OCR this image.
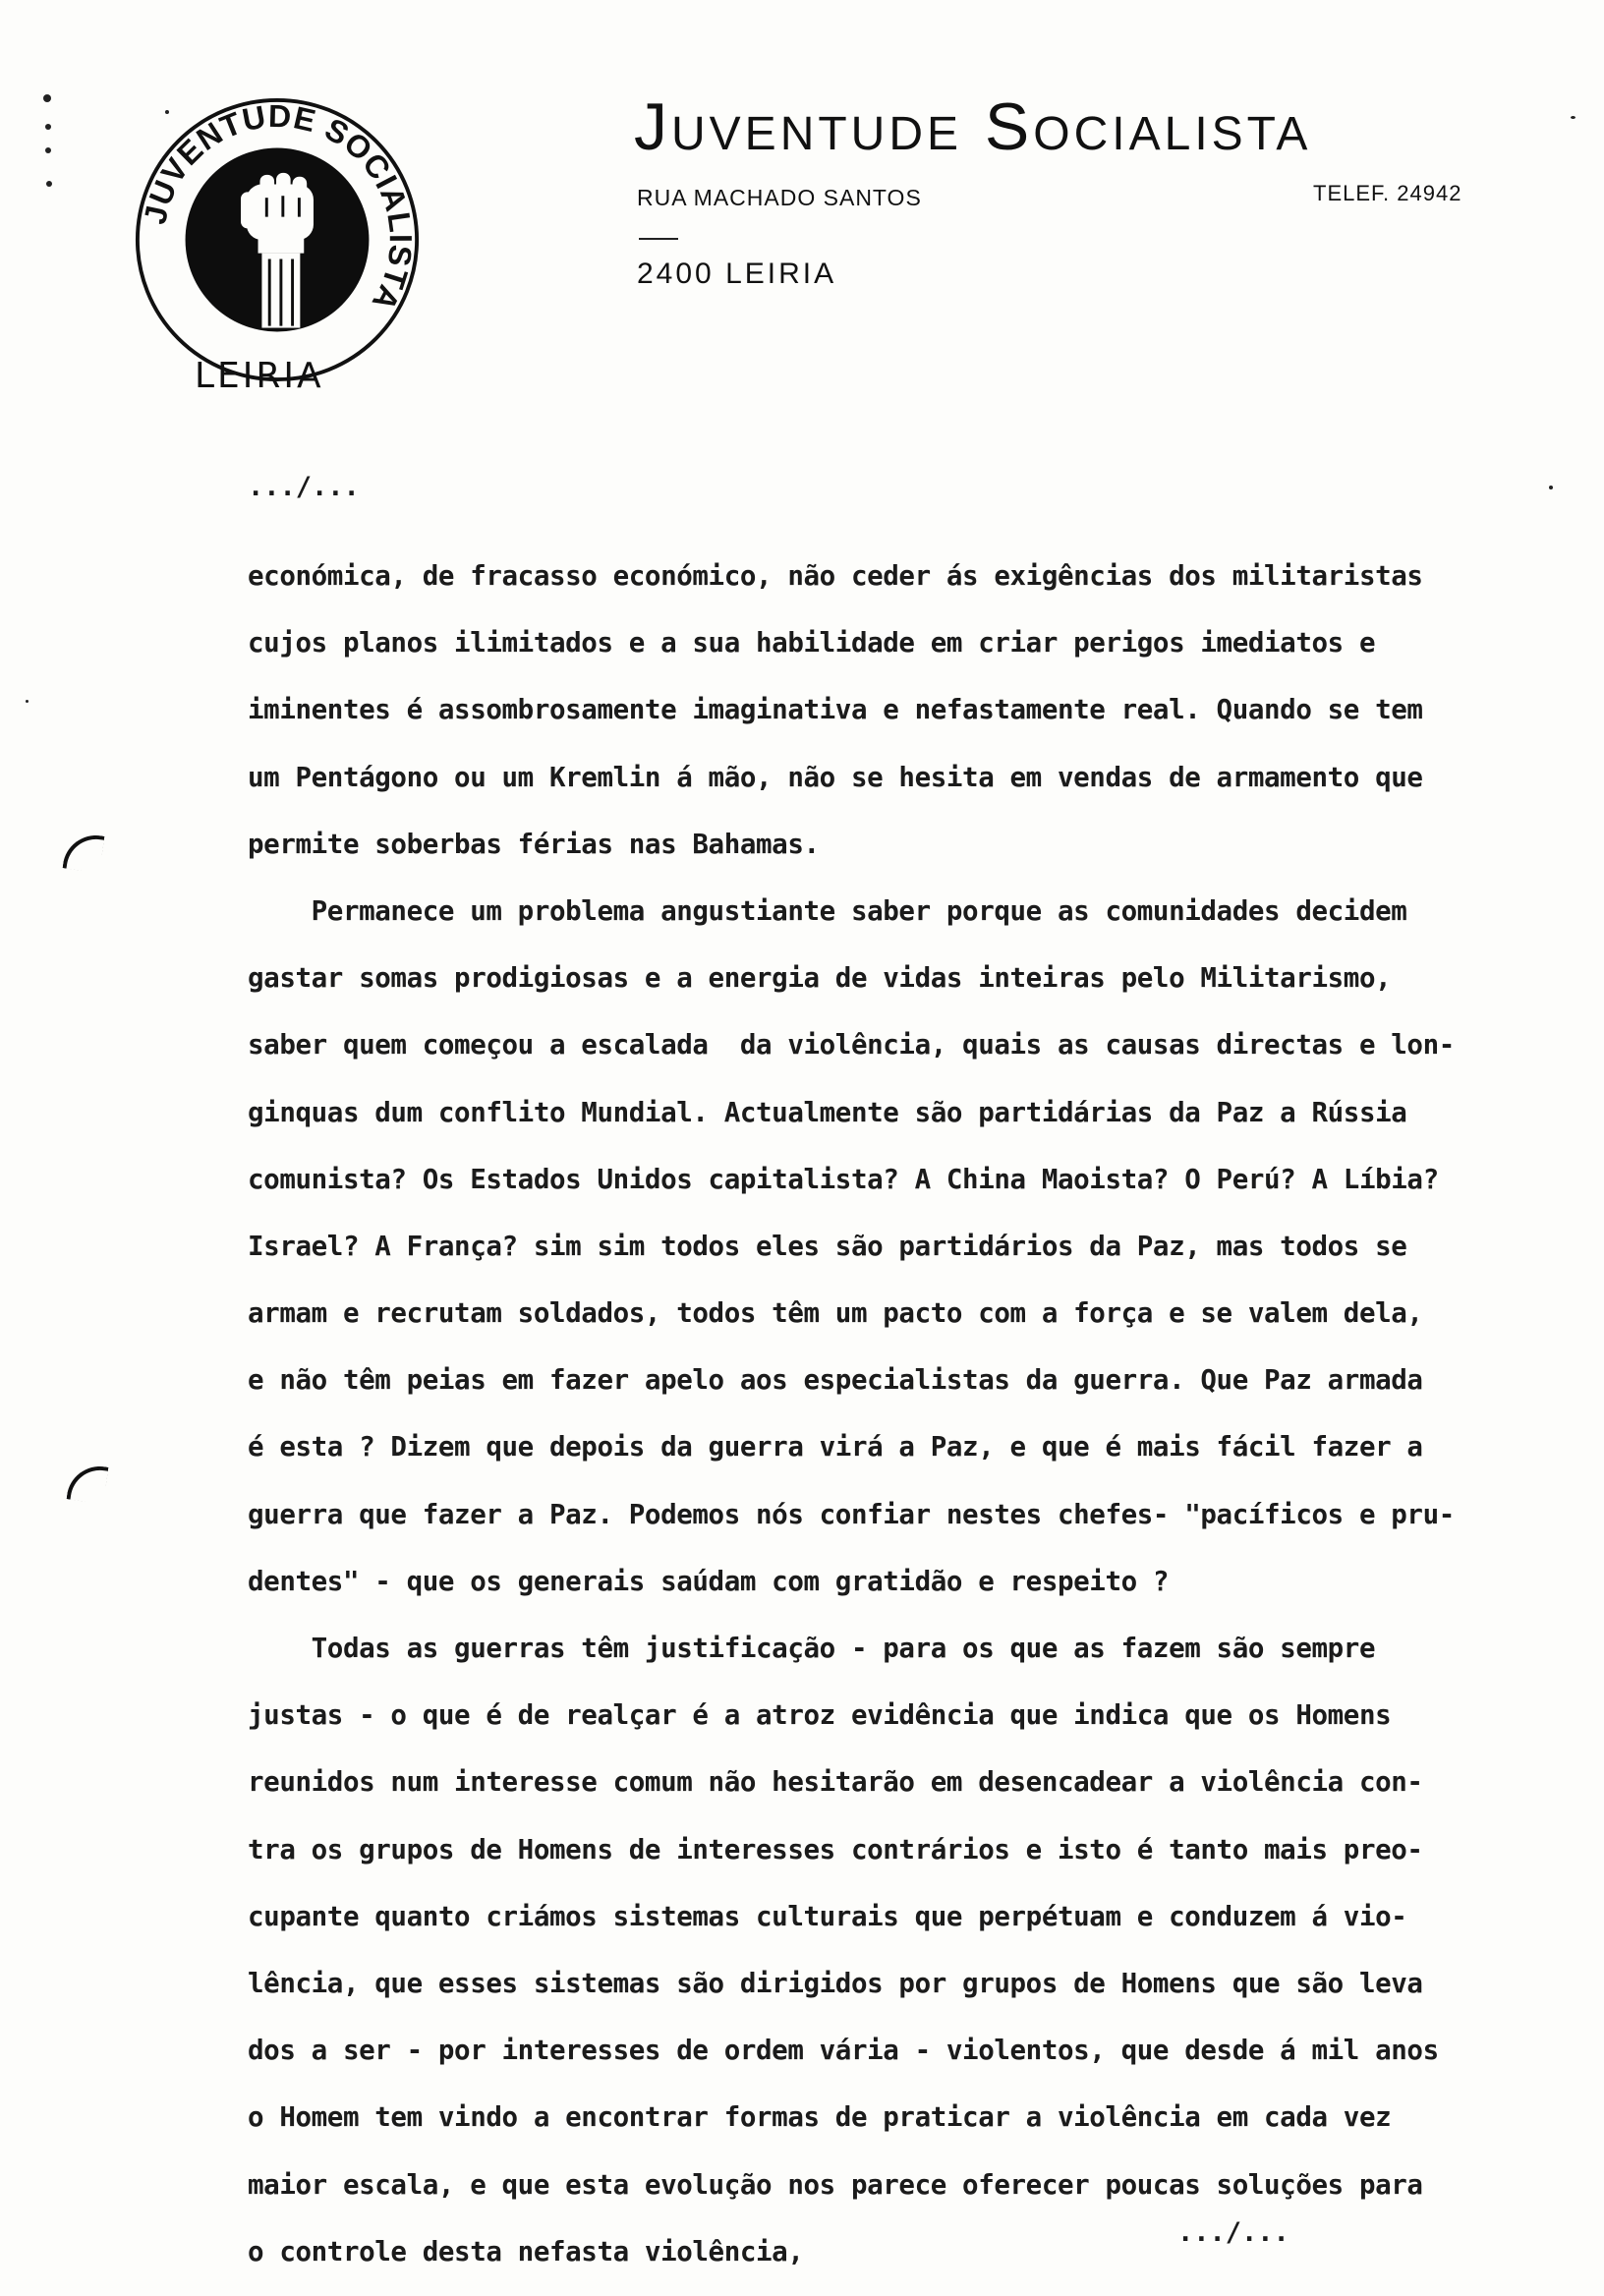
JUVENTUDE SOCIALISTA
LEIRIA
Juventude Socialista
RUA MACHADO SANTOS	TELEF. 24942
2400 LEIRIA
.../...
económica, de fracasso económico, não ceder ás exigências dos militaristas
cujos planos ilimitados e a sua habilidade em criar perigos imediatos e
iminentes é assombrosamente imaginativa e nefastamente real. Quando se tem
um Pentágono ou um Kremlin á mão, não se hesita em vendas de armamento que
permite soberbas férias nas Bahamas.
Permanece um problema angustiante saber porque as comunidades decidem
gastar somas prodigiosas e a energia de vidas inteiras pelo Militarismo,
saber quem começou a escalada  da violência, quais as causas directas e lon-
ginquas dum conflito Mundial. Actualmente são partidárias da Paz a Rússia
comunista? Os Estados Unidos capitalista? A China Maoista? O Perú? A Líbia?
Israel? A França? sim sim todos eles são partidários da Paz, mas todos se
armam e recrutam soldados, todos têm um pacto com a força e se valem dela,
e não têm peias em fazer apelo aos especialistas da guerra. Que Paz armada
é esta ? Dizem que depois da guerra virá a Paz, e que é mais fácil fazer a
guerra que fazer a Paz. Podemos nós confiar nestes chefes- "pacíficos e pru-
dentes" - que os generais saúdam com gratidão e respeito ?
Todas as guerras têm justificação - para os que as fazem são sempre
justas - o que é de realçar é a atroz evidência que indica que os Homens
reunidos num interesse comum não hesitarão em desencadear a violência con-
tra os grupos de Homens de interesses contrários e isto é tanto mais preo-
cupante quanto criámos sistemas culturais que perpétuam e conduzem á vio-
lência, que esses sistemas são dirigidos por grupos de Homens que são leva
dos a ser - por interesses de ordem vária - violentos, que desde á mil anos
o Homem tem vindo a encontrar formas de praticar a violência em cada vez
maior escala, e que esta evolução nos parece oferecer poucas soluções para
o controle desta nefasta violência,
.../...
